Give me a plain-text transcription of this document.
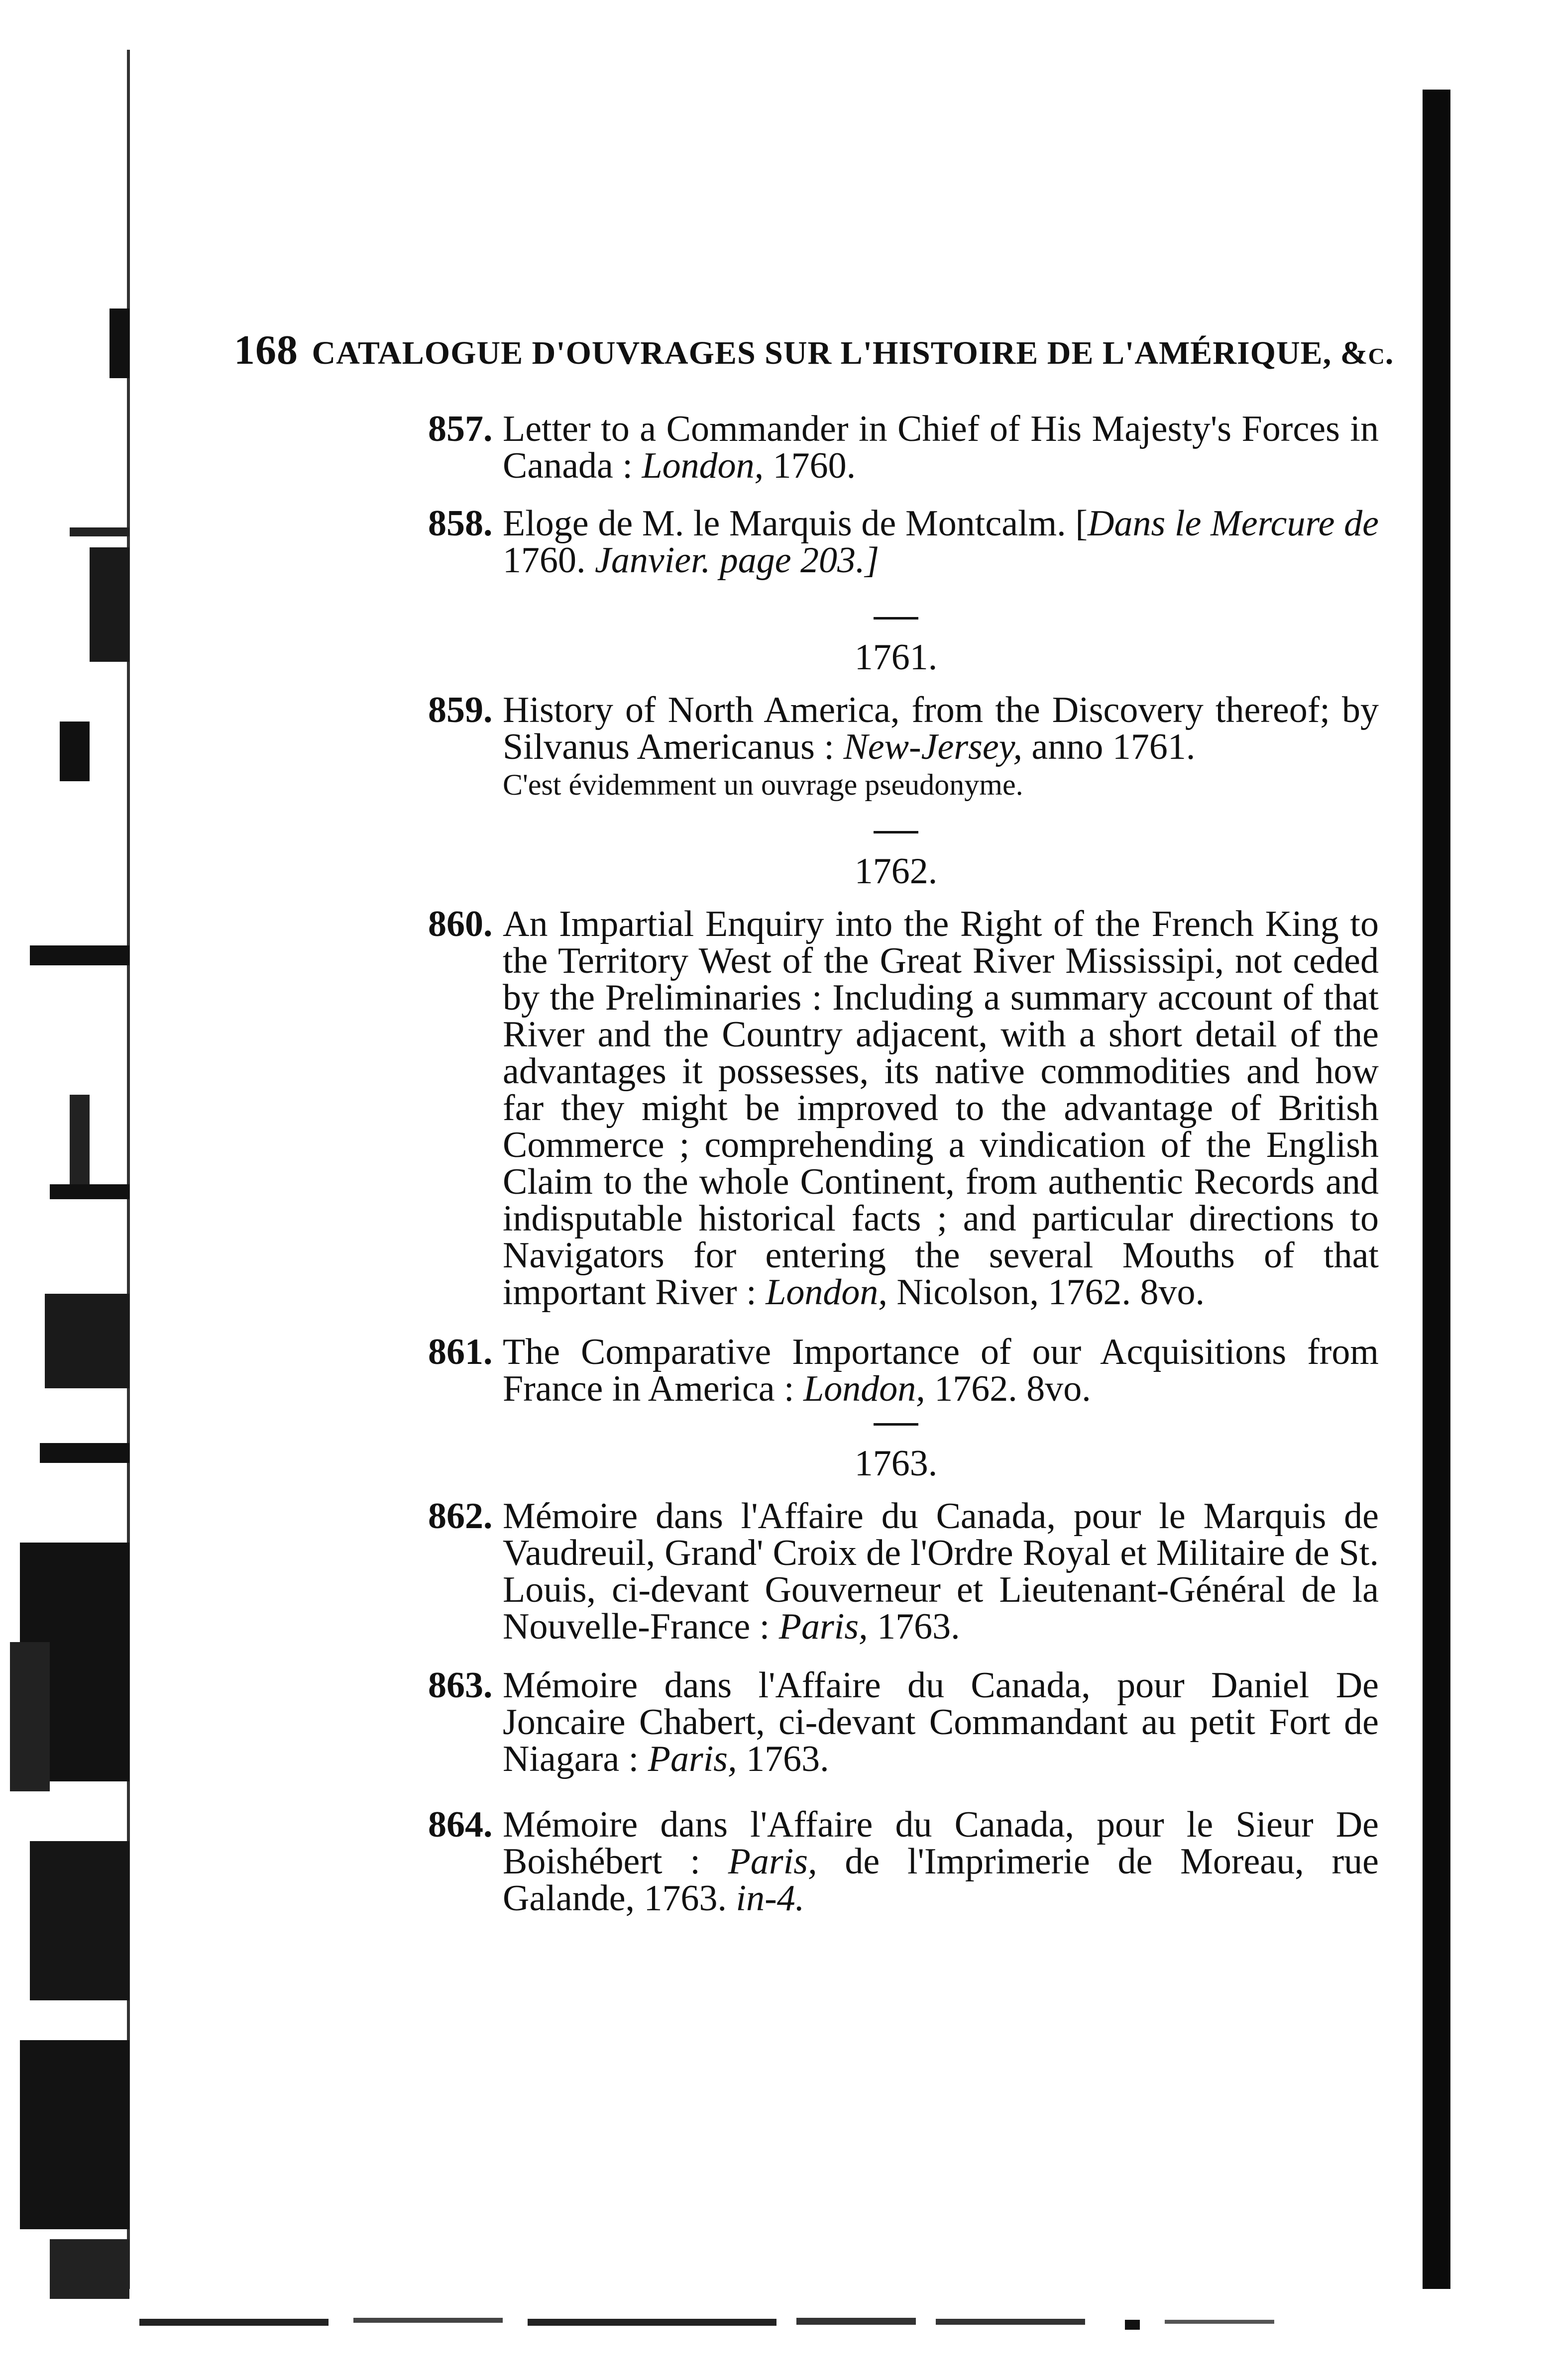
168 CATALOGUE D'OUVRAGES SUR L'HISTOIRE DE L'AMÉRIQUE, &c.
857. Letter to a Commander in Chief of His Majesty's Forces in Canada : London, 1760.
858. Eloge de M. le Marquis de Montcalm. [Dans le Mercure de 1760. Janvier. page 203.]
1761.
859. History of North America, from the Discovery thereof; by Silvanus Americanus : New-Jersey, anno 1761.
C'est évidemment un ouvrage pseudonyme.
1762.
860. An Impartial Enquiry into the Right of the French King to the Territory West of the Great River Mississipi, not ceded by the Preliminaries : Including a summary account of that River and the Country adjacent, with a short detail of the advantages it possesses, its native commodities and how far they might be improved to the advantage of British Commerce ; comprehending a vindication of the English Claim to the whole Continent, from authentic Records and indisputable historical facts ; and particular directions to Navigators for entering the several Mouths of that important River : London, Nicolson, 1762. 8vo.
861. The Comparative Importance of our Acquisitions from France in America : London, 1762. 8vo.
1763.
862. Mémoire dans l'Affaire du Canada, pour le Marquis de Vaudreuil, Grand' Croix de l'Ordre Royal et Militaire de St. Louis, ci-devant Gouverneur et Lieutenant-Général de la Nouvelle-France : Paris, 1763.
863. Mémoire dans l'Affaire du Canada, pour Daniel De Joncaire Chabert, ci-devant Commandant au petit Fort de Niagara : Paris, 1763.
864. Mémoire dans l'Affaire du Canada, pour le Sieur De Boishébert : Paris, de l'Imprimerie de Moreau, rue Galande, 1763. in-4.
